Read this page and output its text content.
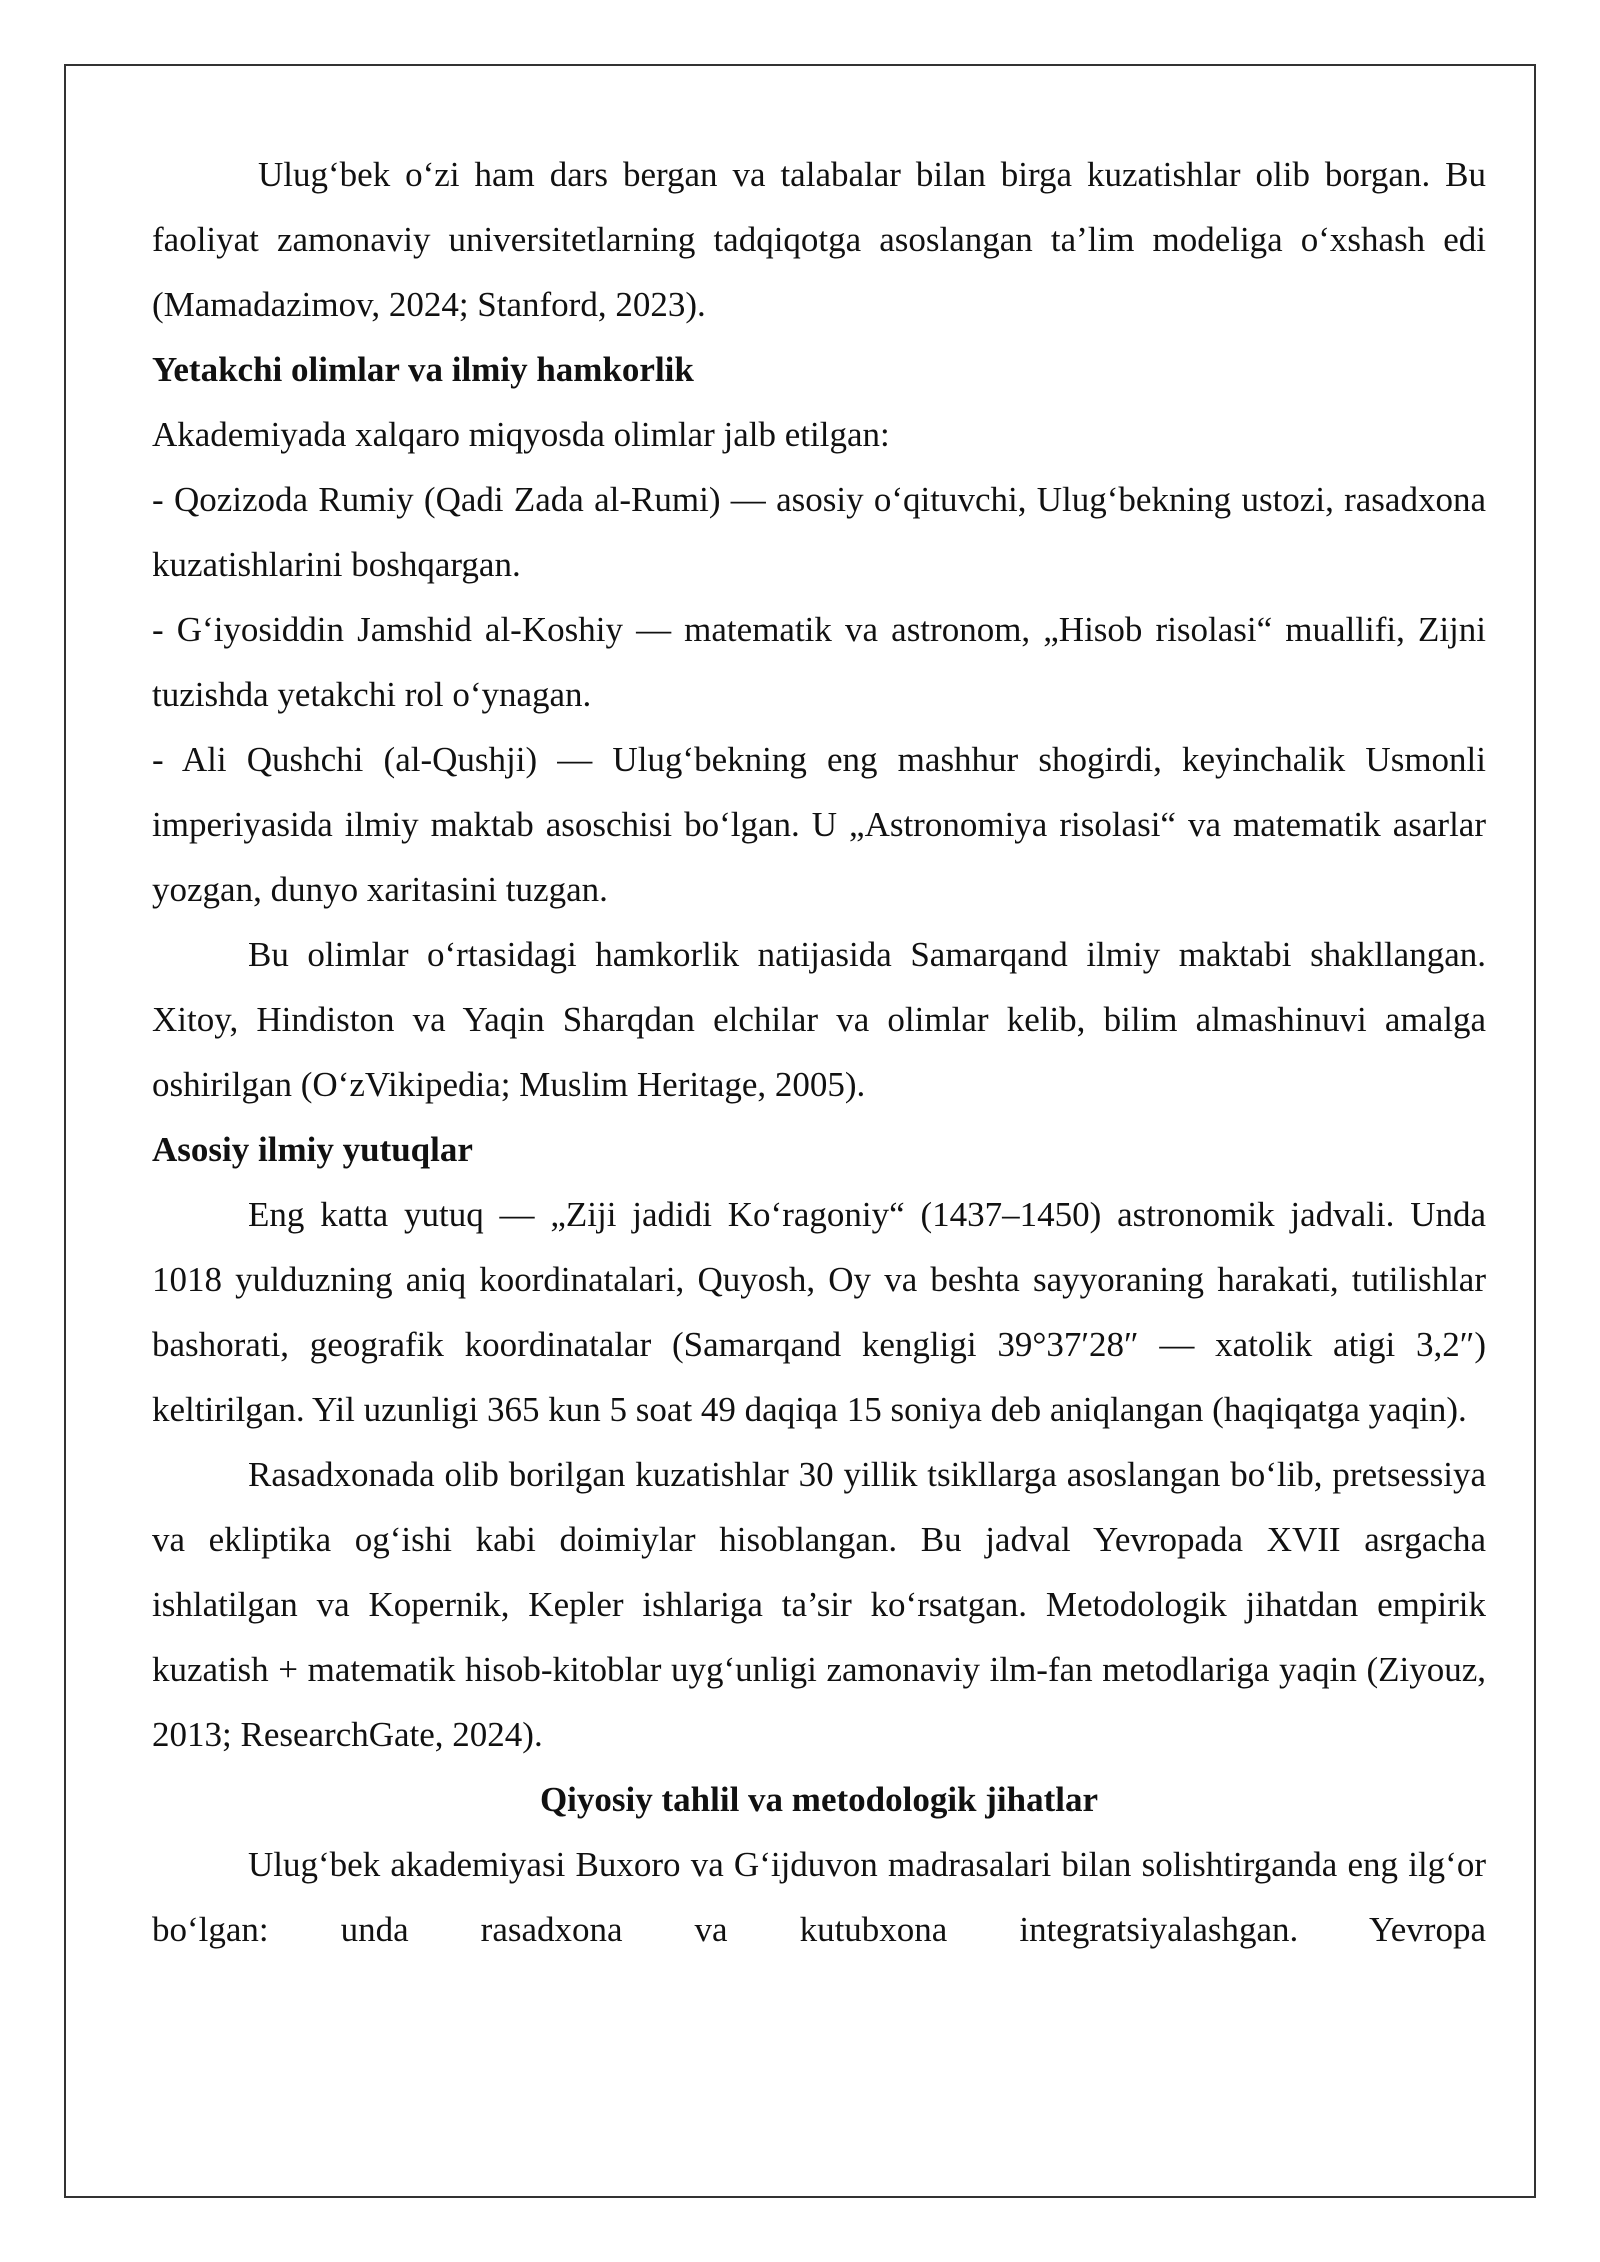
Ulug‘bek o‘zi ham dars bergan va talabalar bilan birga kuzatishlar olib borgan. Bu faoliyat zamonaviy universitetlarning tadqiqotga asoslangan ta’lim modeliga o‘xshash edi (Mamadazimov, 2024; Stanford, 2023).

Yetakchi olimlar va ilmiy hamkorlik

Akademiyada xalqaro miqyosda olimlar jalb etilgan:

- Qozizoda Rumiy (Qadi Zada al-Rumi) — asosiy o‘qituvchi, Ulug‘bekning ustozi, rasadxona kuzatishlarini boshqargan.

- G‘iyosiddin Jamshid al-Koshiy — matematik va astronom, „Hisob risolasi“ muallifi, Zijni tuzishda yetakchi rol o‘ynagan.

- Ali Qushchi (al-Qushji) — Ulug‘bekning eng mashhur shogirdi, keyinchalik Usmonli imperiyasida ilmiy maktab asoschisi bo‘lgan. U „Astronomiya risolasi“ va matematik asarlar yozgan, dunyo xaritasini tuzgan.

Bu olimlar o‘rtasidagi hamkorlik natijasida Samarqand ilmiy maktabi shakllangan. Xitoy, Hindiston va Yaqin Sharqdan elchilar va olimlar kelib, bilim almashinuvi amalga oshirilgan (O‘zVikipedia; Muslim Heritage, 2005).

Asosiy ilmiy yutuqlar

Eng katta yutuq — „Ziji jadidi Ko‘ragoniy“ (1437–1450) astronomik jadvali. Unda 1018 yulduzning aniq koordinatalari, Quyosh, Oy va beshta sayyoraning harakati, tutilishlar bashorati, geografik koordinatalar (Samarqand kengligi 39°37′28″ — xatolik atigi 3,2″) keltirilgan. Yil uzunligi 365 kun 5 soat 49 daqiqa 15 soniya deb aniqlangan (haqiqatga yaqin).

Rasadxonada olib borilgan kuzatishlar 30 yillik tsikllarga asoslangan bo‘lib, pretsessiya va ekliptika og‘ishi kabi doimiylar hisoblangan. Bu jadval Yevropada XVII asrgacha ishlatilgan va Kopernik, Kepler ishlariga ta’sir ko‘rsatgan. Metodologik jihatdan empirik kuzatish + matematik hisob-kitoblar uyg‘unligi zamonaviy ilm-fan metodlariga yaqin (Ziyouz, 2013; ResearchGate, 2024).

Qiyosiy tahlil va metodologik jihatlar

Ulug‘bek akademiyasi Buxoro va G‘ijduvon madrasalari bilan solishtirganda eng ilg‘or bo‘lgan: unda rasadxona va kutubxona integratsiyalashgan. Yevropa
